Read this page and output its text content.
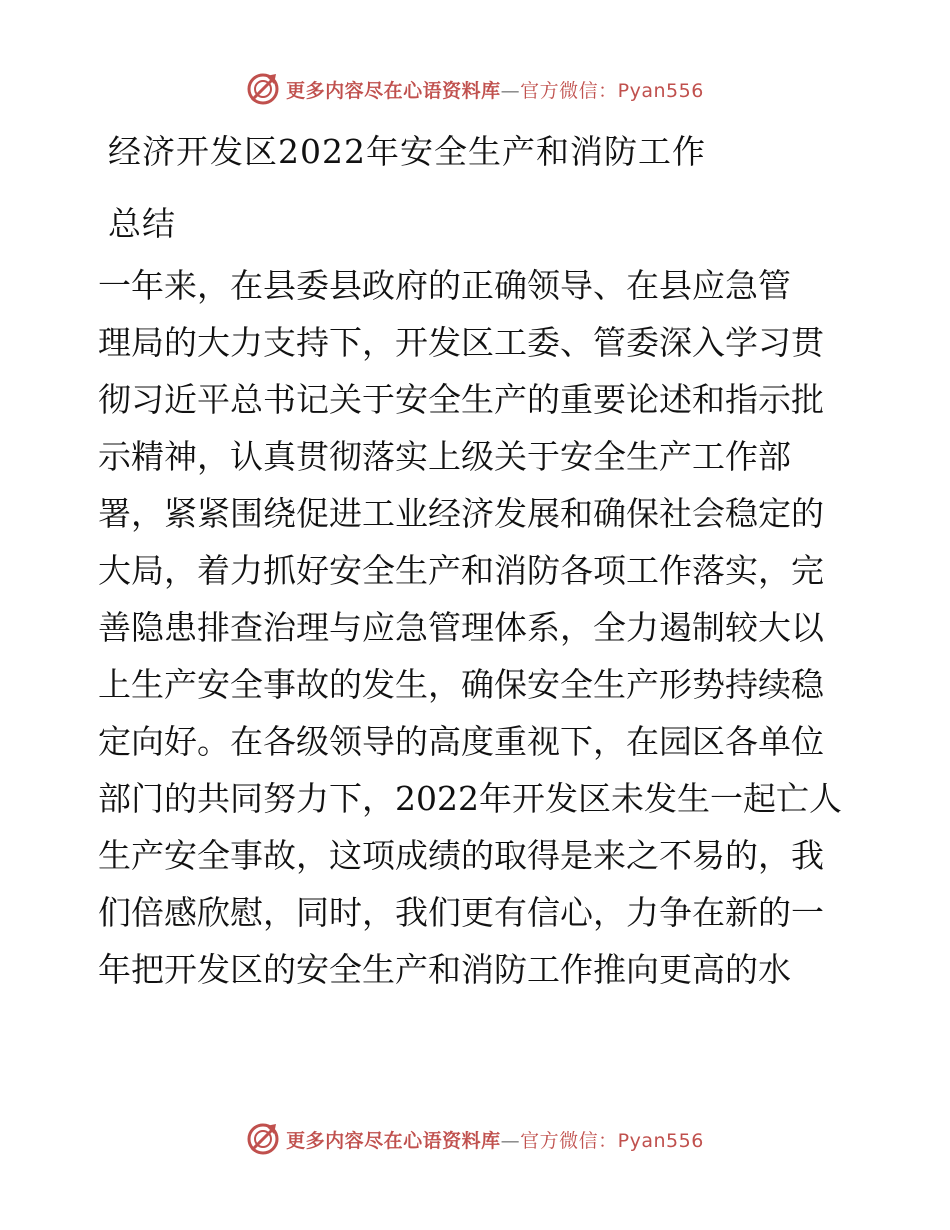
更多内容尽在心语资料库—官方微信：Pyan556
经济开发区2022年安全生产和消防工作
总结
一年来，在县委县政府的正确领导、在县应急管
理局的大力支持下，开发区工委、管委深入学习贯
彻习近平总书记关于安全生产的重要论述和指示批
示精神，认真贯彻落实上级关于安全生产工作部
署，紧紧围绕促进工业经济发展和确保社会稳定的
大局，着力抓好安全生产和消防各项工作落实，完
善隐患排查治理与应急管理体系，全力遏制较大以
上生产安全事故的发生，确保安全生产形势持续稳
定向好。在各级领导的高度重视下，在园区各单位
部门的共同努力下，2022年开发区未发生一起亡人
生产安全事故，这项成绩的取得是来之不易的，我
们倍感欣慰，同时，我们更有信心，力争在新的一
年把开发区的安全生产和消防工作推向更高的水
更多内容尽在心语资料库—官方微信：Pyan556
